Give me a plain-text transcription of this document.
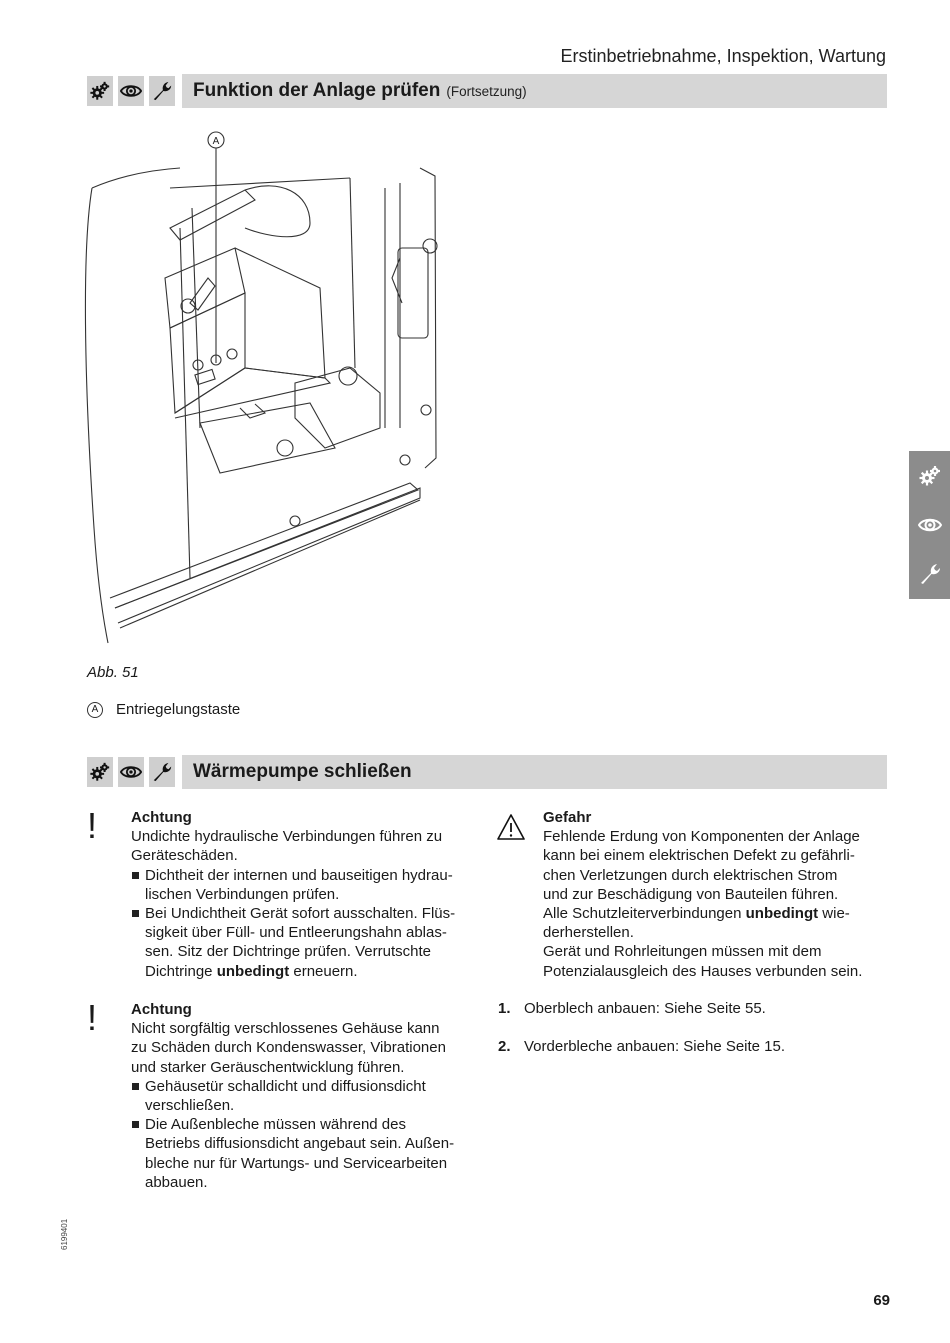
Erstinbetriebnahme, Inspektion, Wartung
Funktion der Anlage prüfen (Fortsetzung)
A
Abb. 51
A	Entriegelungstaste
Wärmepumpe schließen
! Achtung
Undichte hydraulische Verbindungen führen zu
Geräteschäden.
Dichtheit der internen und bauseitigen hydrau-
lischen Verbindungen prüfen.
Bei Undichtheit Gerät sofort ausschalten. Flüs-
sigkeit über Füll- und Entleerungshahn ablas-
sen. Sitz der Dichtringe prüfen. Verrutschte
Dichtringe unbedingt erneuern.
! Achtung
Nicht sorgfältig verschlossenes Gehäuse kann
zu Schäden durch Kondenswasser, Vibrationen
und starker Geräuschentwicklung führen.
Gehäusetür schalldicht und diffusionsdicht
verschließen.
Die Außenbleche müssen während des
Betriebs diffusionsdicht angebaut sein. Außen-
bleche nur für Wartungs- und Servicearbeiten
abbauen.
Gefahr
Fehlende Erdung von Komponenten der Anlage
kann bei einem elektrischen Defekt zu gefährli-
chen Verletzungen durch elektrischen Strom
und zur Beschädigung von Bauteilen führen.
Alle Schutzleiterverbindungen unbedingt wie-
derherstellen.
Gerät und Rohrleitungen müssen mit dem
Potenzialausgleich des Hauses verbunden sein.
1. Oberblech anbauen: Siehe Seite 55.
2. Vorderbleche anbauen: Siehe Seite 15.
6199401
69
